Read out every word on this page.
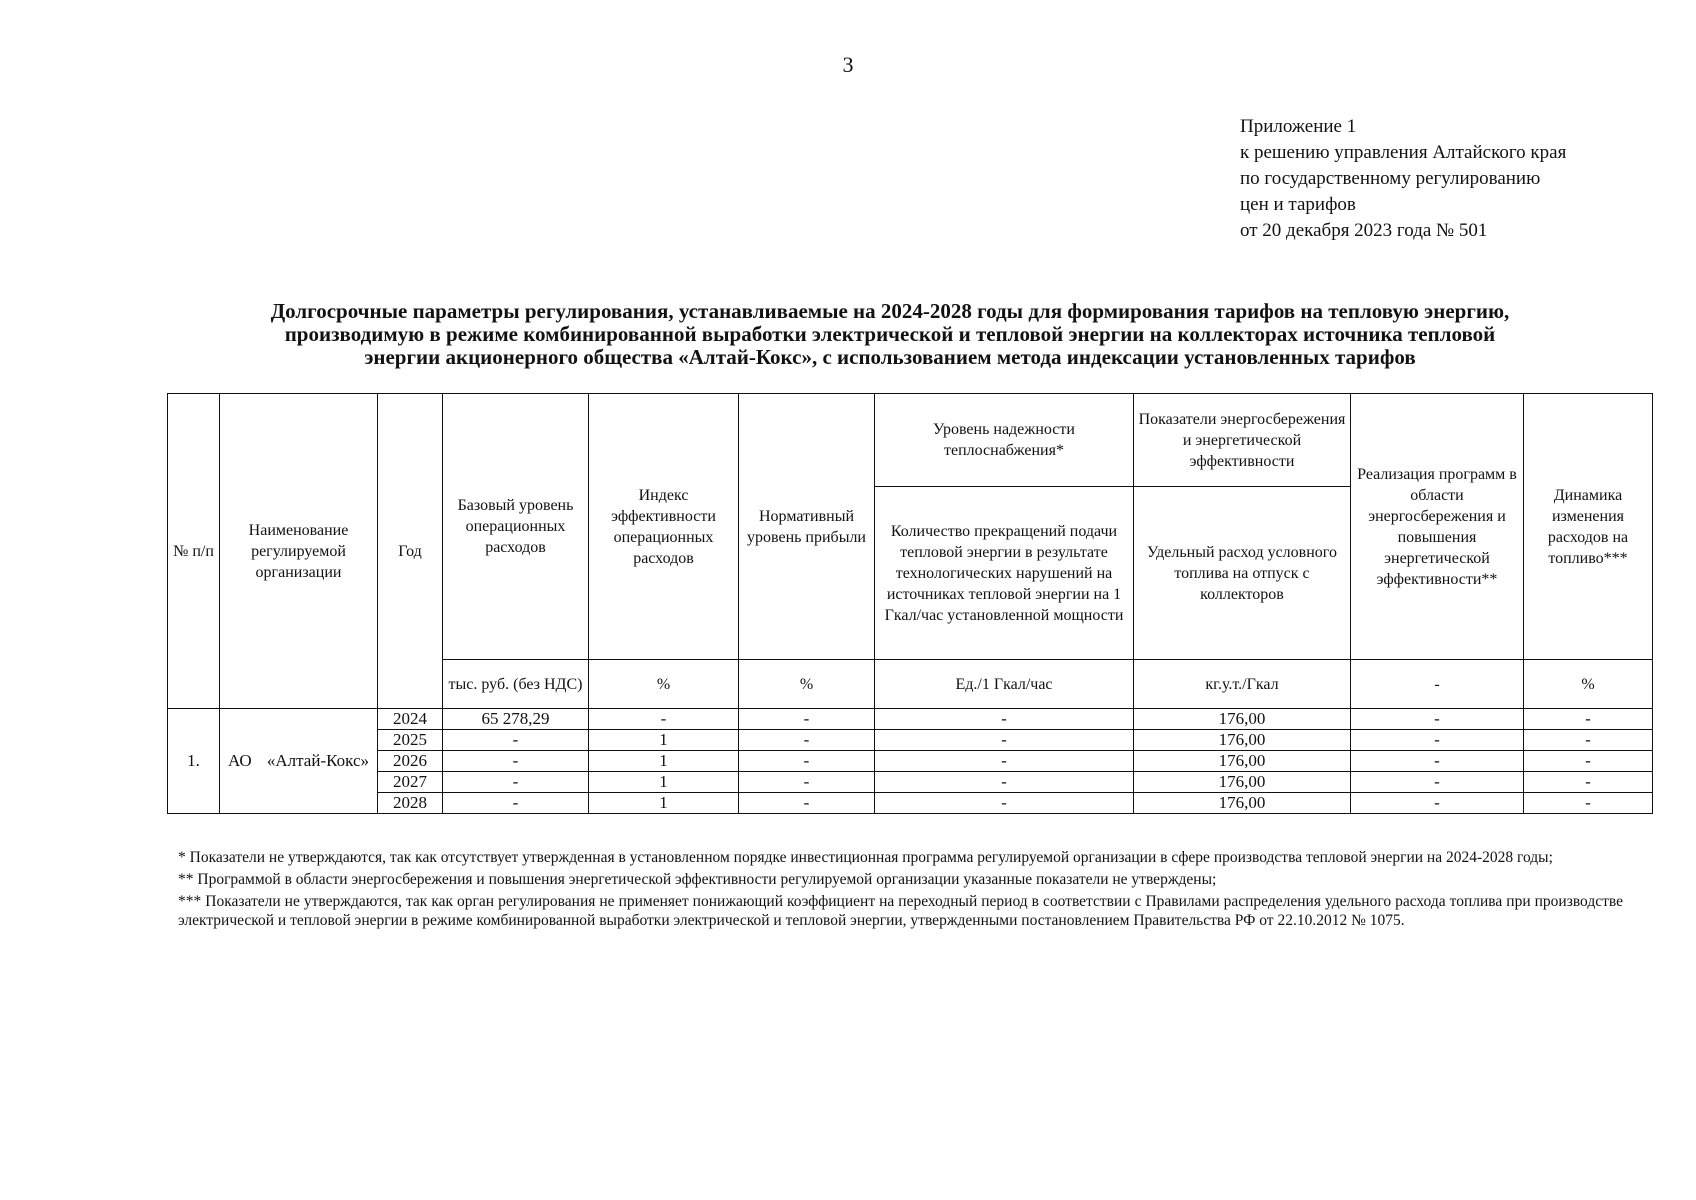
3
Приложение 1
к решению управления Алтайского края
по государственному регулированию
цен и тарифов
от 20 декабря 2023 года № 501
Долгосрочные параметры регулирования, устанавливаемые на 2024-2028 годы для формирования тарифов на тепловую энергию,
производимую в режиме комбинированной выработки электрической и тепловой энергии на коллекторах источника тепловой
энергии акционерного общества «Алтай-Кокс», с использованием метода индексации установленных тарифов
№ п/п	Наименование регулируемой организации	Год	Базовый уровень операционных расходов	Индекс эффективности операционных расходов	Нормативный уровень прибыли	Уровень надежности теплоснабжения*	Показатели энергосбережения и энергетической эффективности	Реализация программ в области энергосбережения и повышения энергетической эффективности**	Динамика изменения расходов на топливо***
						Количество прекращений подачи тепловой энергии в результате технологических нарушений на источниках тепловой энергии на 1 Гкал/час установленной мощности	Удельный расход условного топлива на отпуск с коллекторов		
			тыс. руб. (без НДС)	%	%	Ед./1 Гкал/час	кг.у.т./Гкал	-	%
1.	АО «Алтай-Кокс»	2024	65 278,29	-	-	-	176,00	-	-
		2025	-	1	-	-	176,00	-	-
		2026	-	1	-	-	176,00	-	-
		2027	-	1	-	-	176,00	-	-
		2028	-	1	-	-	176,00	-	-

* Показатели не утверждаются, так как отсутствует утвержденная в установленном порядке инвестиционная программа регулируемой организации в сфере производства тепловой энергии на 2024-2028 годы;

** Программой в области энергосбережения и повышения энергетической эффективности регулируемой организации указанные показатели не утверждены;

*** Показатели не утверждаются, так как орган регулирования не применяет понижающий коэффициент на переходный период в соответствии с Правилами распределения удельного расхода топлива при производстве электрической и тепловой энергии в режиме комбинированной выработки электрической и тепловой энергии, утвержденными постановлением Правительства РФ от 22.10.2012 № 1075.
